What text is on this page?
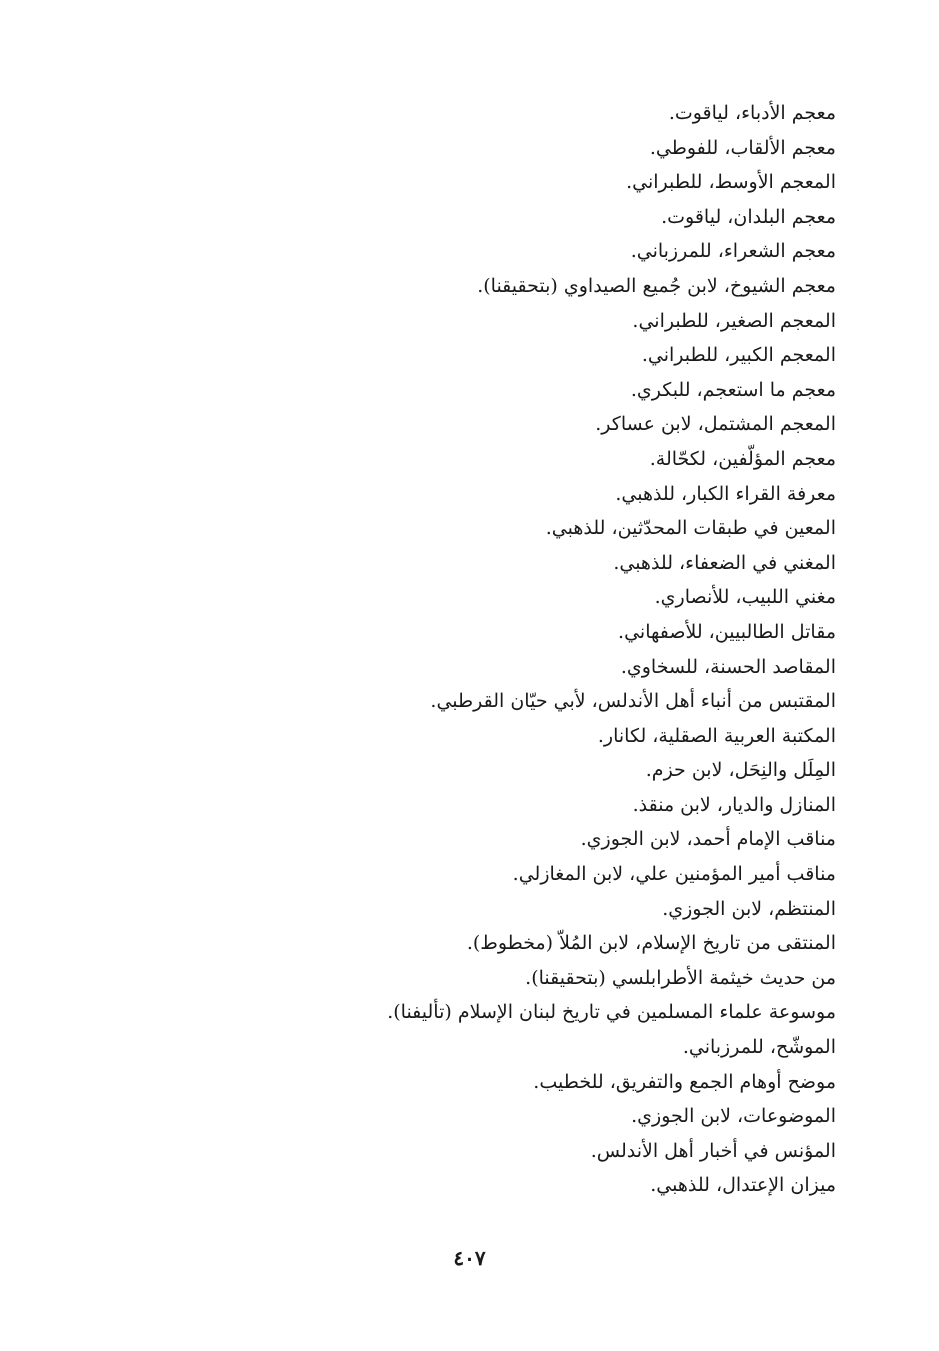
معجم الأدباء، لياقوت.
معجم الألقاب، للفوطي.
المعجم الأوسط، للطبراني.
معجم البلدان، لياقوت.
معجم الشعراء، للمرزباني.
معجم الشيوخ، لابن جُميع الصيداوي (بتحقيقنا).
المعجم الصغير، للطبراني.
المعجم الكبير، للطبراني.
معجم ما استعجم، للبكري.
المعجم المشتمل، لابن عساكر.
معجم المؤلّفين، لكحّالة.
معرفة القراء الكبار، للذهبي.
المعين في طبقات المحدّثين، للذهبي.
المغني في الضعفاء، للذهبي.
مغني اللبيب، للأنصاري.
مقاتل الطالبيين، للأصفهاني.
المقاصد الحسنة، للسخاوي.
المقتبس من أنباء أهل الأندلس، لأبي حيّان القرطبي.
المكتبة العربية الصقلية، لكانار.
المِلَل والنِحَل، لابن حزم.
المنازل والديار، لابن منقذ.
مناقب الإمام أحمد، لابن الجوزي.
مناقب أمير المؤمنين علي، لابن المغازلي.
المنتظم، لابن الجوزي.
المنتقى من تاريخ الإسلام، لابن المُلاّ (مخطوط).
من حديث خيثمة الأطرابلسي (بتحقيقنا).
موسوعة علماء المسلمين في تاريخ لبنان الإسلام (تأليفنا).
الموشّح، للمرزباني.
موضح أوهام الجمع والتفريق، للخطيب.
الموضوعات، لابن الجوزي.
المؤنس في أخبار أهل الأندلس.
ميزان الإعتدال، للذهبي.
٤٠٧
